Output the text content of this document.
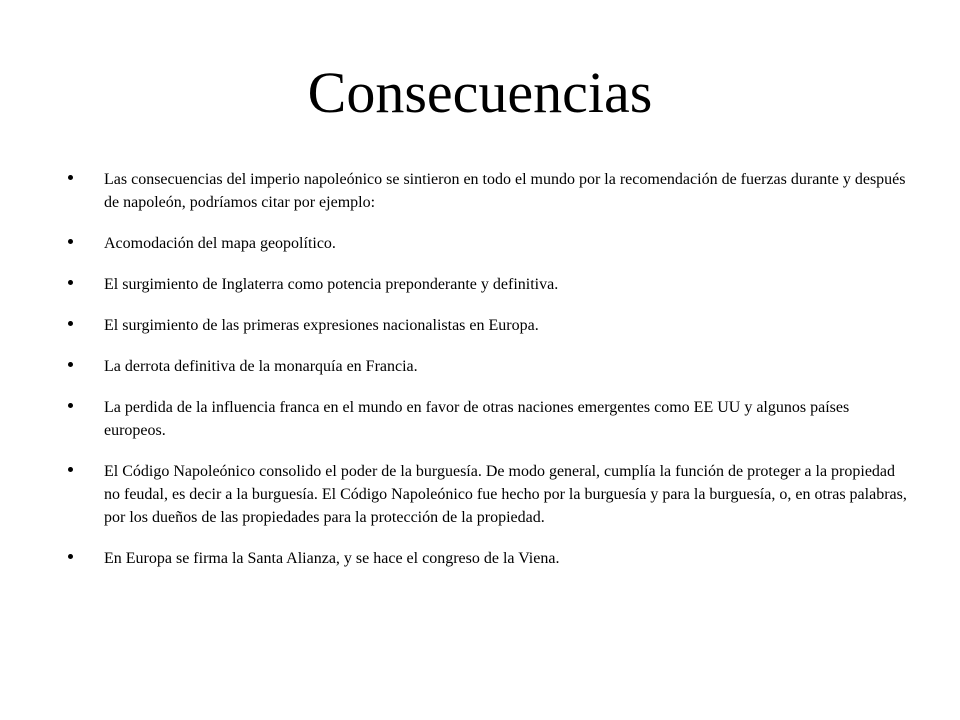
Consecuencias
Las consecuencias del imperio napoleónico se sintieron en todo el mundo por la recomendación de fuerzas durante y después de napoleón, podríamos citar por ejemplo:
Acomodación del mapa geopolítico.
El surgimiento de Inglaterra como potencia preponderante y definitiva.
El surgimiento de las primeras expresiones nacionalistas en Europa.
La derrota definitiva de la monarquía en Francia.
La perdida de la influencia franca en el mundo en favor de otras naciones emergentes como EE UU y algunos países europeos.
El Código Napoleónico consolido el poder de la burguesía. De modo general, cumplía la función de proteger a la propiedad no feudal, es decir a la burguesía. El Código Napoleónico fue hecho por la burguesía y para la burguesía, o, en otras palabras, por los dueños de las propiedades para la protección de la propiedad.
En Europa se firma la Santa Alianza, y se hace el congreso de la Viena.
